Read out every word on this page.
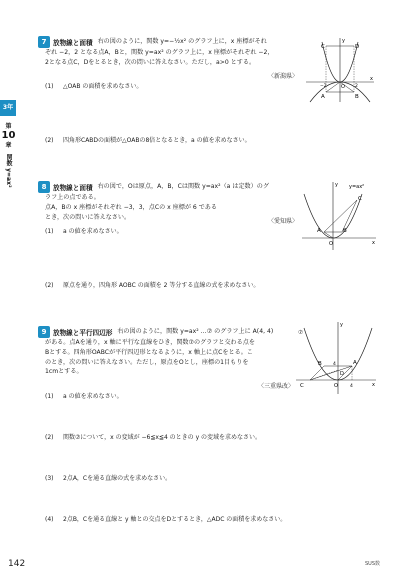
3年
第
10
章
関数 y=ax²
7 放物線と面積 右の図のように，関数 y=−½x² のグラフ上に，x 座標がそれ
ぞれ −2，2 となる点A，Bと，関数 y=ax² のグラフ上に，x 座標がそれぞれ −2，
2となる点C，Dをとるとき，次の問いに答えなさい。ただし，a>0 とする。
〈新潟県〉
(1) △OAB の面積を求めなさい。
(2) 四角形CABDの面積が△OABの8倍となるとき，a の値を求めなさい。
C	D
A	B
O
x
y
−2	2
8 放物線と面積 右の図で，Oは原点，A，B，Cは関数 y=ax²（a は定数）のグ
ラフ上の点である。
点A，Bの x 座標がそれぞれ −3，3，点Cの x 座標が 6 である
とき，次の問いに答えなさい。
〈愛知県〉
(1) a の値を求めなさい。
(2) 原点を通り，四角形 AOBC の面積を 2 等分する直線の式を求めなさい。
y=ax²
C
A	B
O	x
y
9 放物線と平行四辺形 右の図のように，関数 y=ax² …⑦ のグラフ上に A(4, 4)
がある。点Aを通り，x 軸に平行な直線をひき，関数⑦のグラフと交わる点を
Bとする。四角形OABCが平行四辺形となるように，x 軸上に点Cをとる。こ
のとき，次の問いに答えなさい。ただし，原点をOとし，座標の1目もりを
1cmとする。
〈三重県改〉
(1) a の値を求めなさい。
(2) 関数⑦について，x の変域が −6≦x≦4 のときの y の変域を求めなさい。
(3) 2点A，Cを通る直線の式を求めなさい。
(4) 2点B，Cを通る直線と y 軸との交点をDとするとき，△ADC の面積を求めなさい。
⑦
A
B
C
D
O	x
y
4
4
142	SUS数
